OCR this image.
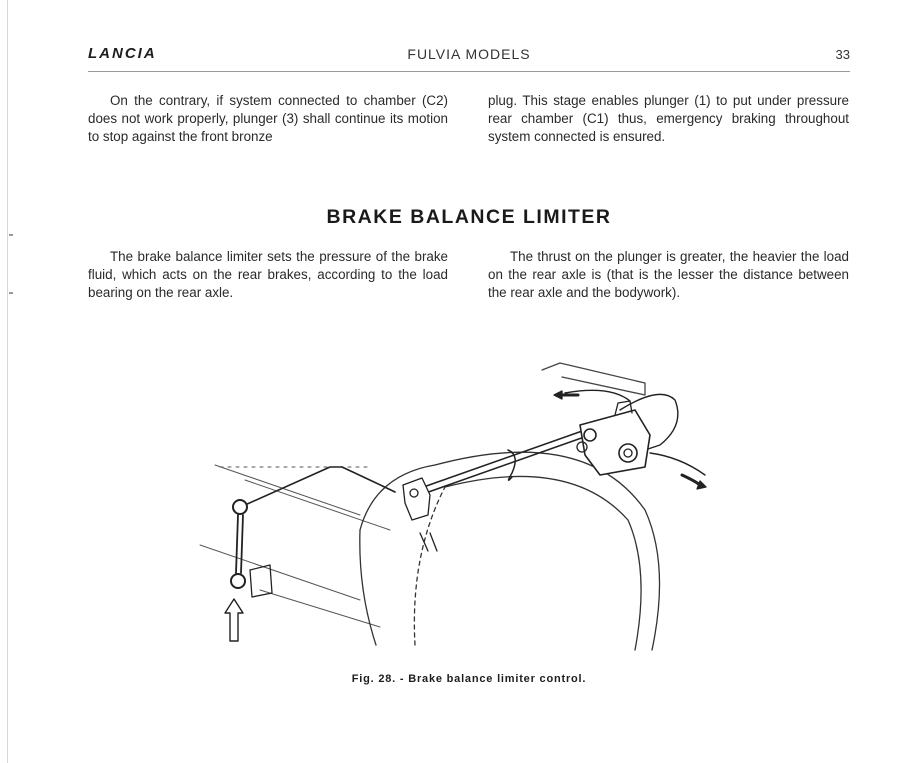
LANCIA	FULVIA MODELS	33

On the contrary, if system connected to chamber (C2) does not work properly, plunger (3) shall continue its motion to stop against the front bronze

plug. This stage enables plunger (1) to put under pressure rear chamber (C1) thus, emergency braking throughout system connected is ensured.

BRAKE BALANCE LIMITER

The brake balance limiter sets the pressure of the brake fluid, which acts on the rear brakes, according to the load bearing on the rear axle.

The thrust on the plunger is greater, the heavier the load on the rear axle is (that is the lesser the distance between the rear axle and the bodywork).

Fig. 28. - Brake balance limiter control.
